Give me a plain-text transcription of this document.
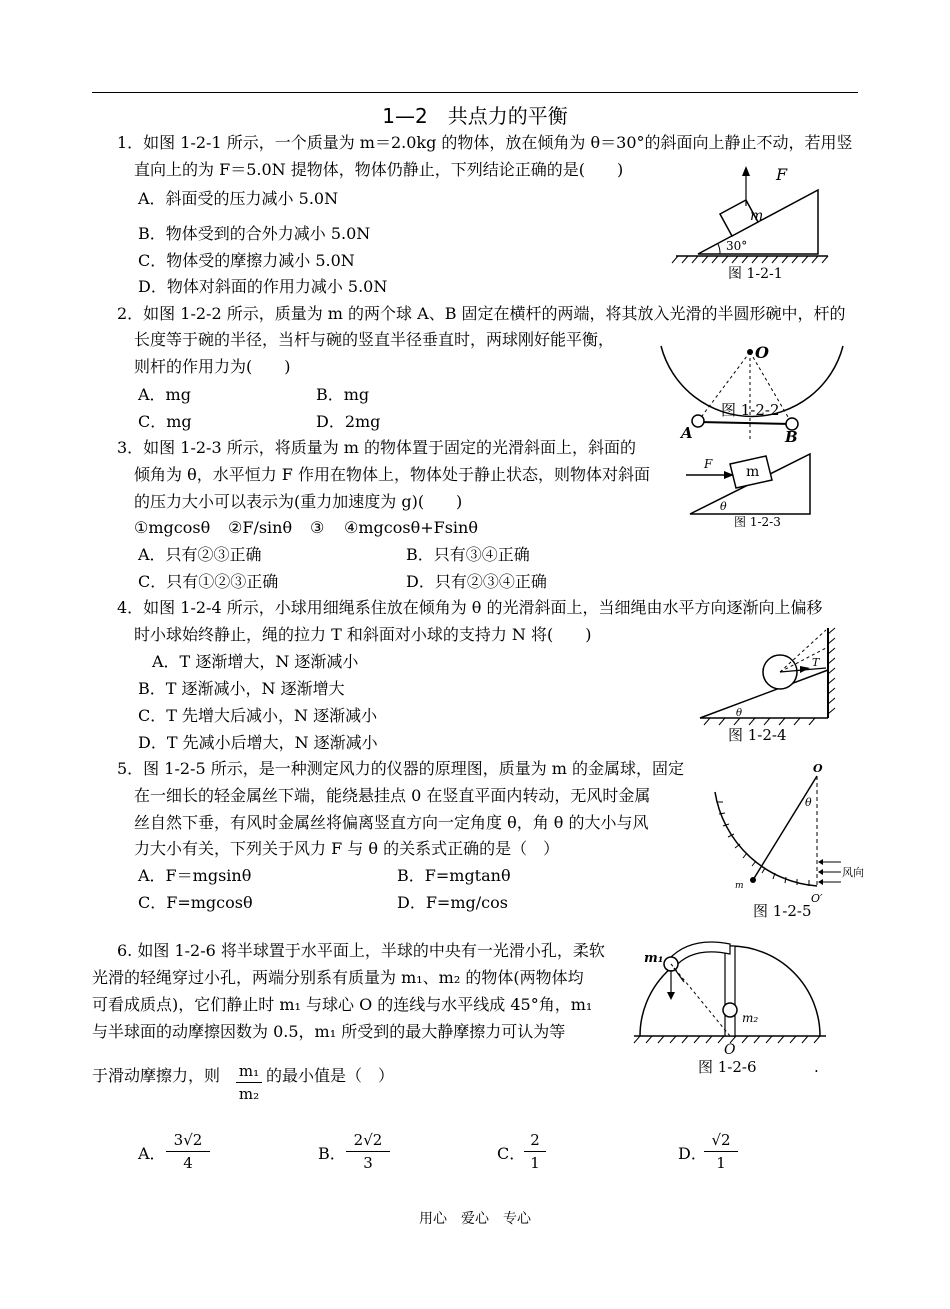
1—2　共点力的平衡
1．如图 1-2-1 所示，一个质量为 m＝2.0kg 的物体，放在倾角为 θ＝30°的斜面向上静止不动，若用竖
直向上的为 F＝5.0N 提物体，物体仍静止，下列结论正确的是(　　)
A．斜面受的压力减小 5.0N
B．物体受到的合外力减小 5.0N
C．物体受的摩擦力减小 5.0N
D．物体对斜面的作用力减小 5.0N
F
m
30°
图 1-2-1
2．如图 1-2-2 所示，质量为 m 的两个球 A、B 固定在横杆的两端，将其放入光滑的半圆形碗中，杆的
长度等于碗的半径，当杆与碗的竖直半径垂直时，两球刚好能平衡，
则杆的作用力为(　　)
A．mg	B．mg
C．mg	D．2mg
O
A	B
图 1-2-2
3．如图 1-2-3 所示，将质量为 m 的物体置于固定的光滑斜面上，斜面的
倾角为 θ，水平恒力 F 作用在物体上，物体处于静止状态，则物体对斜面
的压力大小可以表示为(重力加速度为 g)(　　)
①mgcosθ ②F/sinθ ③ ④mgcosθ+Fsinθ
A．只有②③正确	B．只有③④正确
C．只有①②③正确	D．只有②③④正确
F m
θ
图 1-2-3
4．如图 1-2-4 所示，小球用细绳系住放在倾角为 θ 的光滑斜面上，当细绳由水平方向逐渐向上偏移
时小球始终静止，绳的拉力 T 和斜面对小球的支持力 N 将(　　)
A．T 逐渐增大，N 逐渐减小
B．T 逐渐减小，N 逐渐增大
C．T 先增大后减小，N 逐渐减小
D．T 先减小后增大，N 逐渐减小
T
θ
图 1-2-4
5．图 1-2-5 所示，是一种测定风力的仪器的原理图，质量为 m 的金属球，固定
在一细长的轻金属丝下端，能绕悬挂点 0 在竖直平面内转动，无风时金属
丝自然下垂，有风时金属丝将偏离竖直方向一定角度 θ，角 θ 的大小与风
力大小有关，下列关于风力 F 与 θ 的关系式正确的是（　）
A．F＝mgsinθ	B．F=mgtanθ
C．F=mgcosθ	D．F=mg/cos
O
θ
m
O′
风向
图 1-2-5
6. 如图 1-2-6 将半球置于水平面上，半球的中央有一光滑小孔，柔软
光滑的轻绳穿过小孔，两端分别系有质量为 m₁、m₂ 的物体(两物体均
可看成质点)，它们静止时 m₁ 与球心 O 的连线与水平线成 45°角，m₁
与半球面的动摩擦因数为 0.5，m₁ 所受到的最大静摩擦力可认为等
于滑动摩擦力，则 m₁
m₂
的最小值是（　）
A．
3√2
4	B．
2√2
3	C．
2
1	D．
√2
1
m₁
m₂
O
图 1-2-6	.
用心　爱心　专心
